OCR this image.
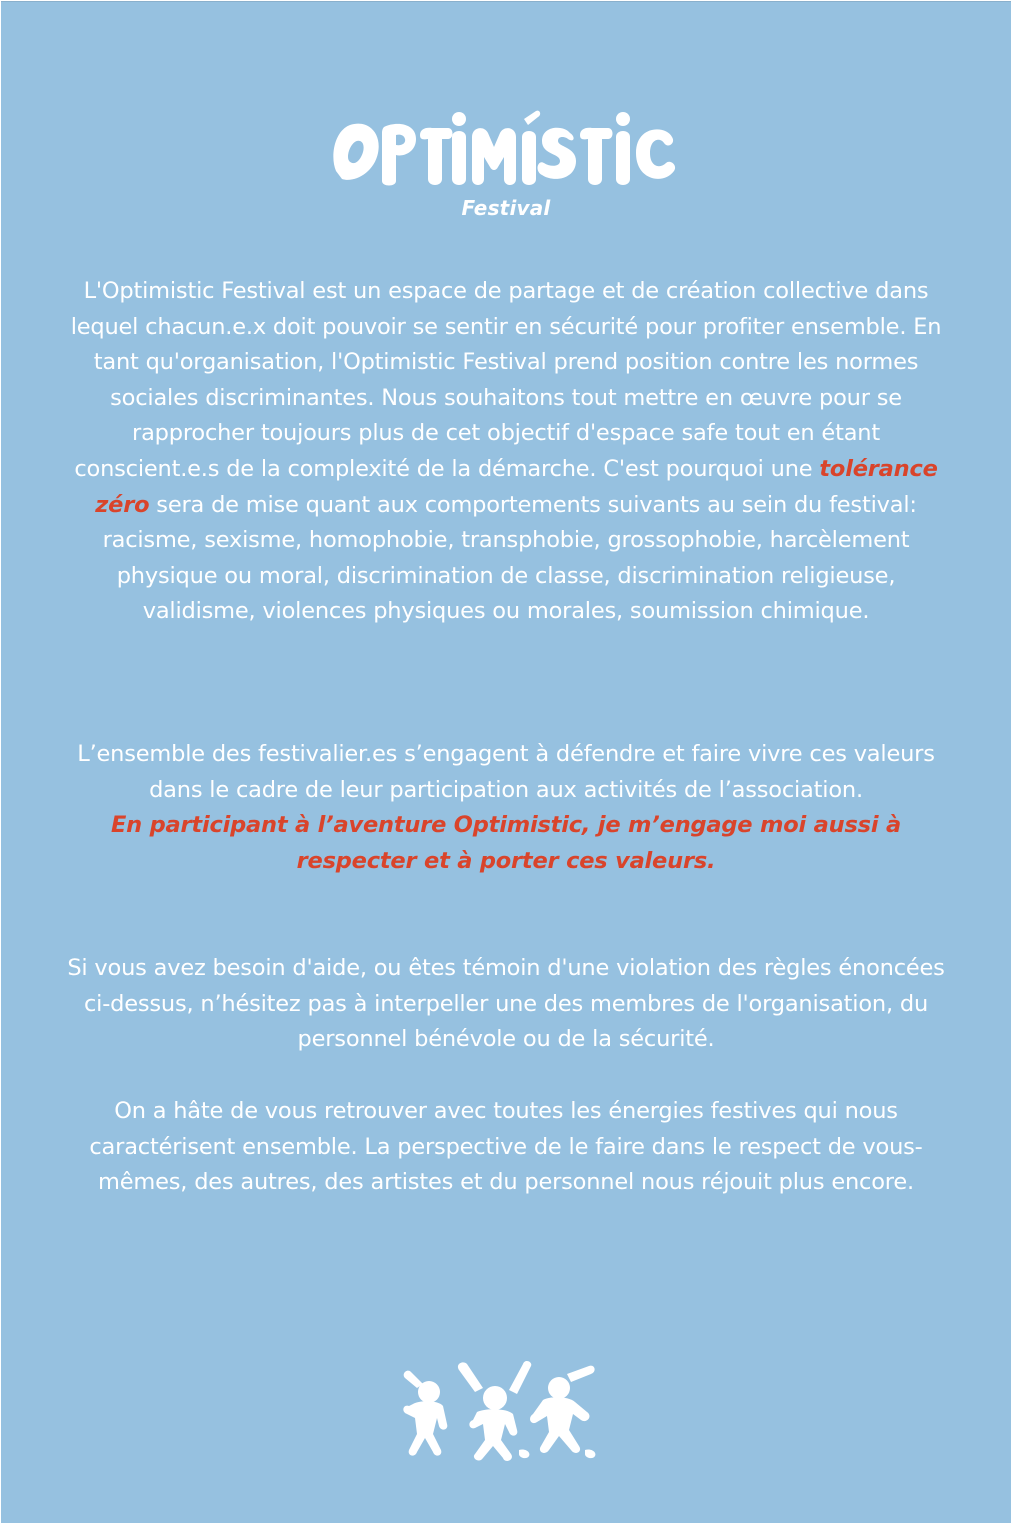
Festival

L'Optimistic Festival est un espace de partage et de création collective dans lequel chacun.e.x doit pouvoir se sentir en sécurité pour profiter ensemble. En tant qu'organisation, l'Optimistic Festival prend position contre les normes sociales discriminantes. Nous souhaitons tout mettre en œuvre pour se rapprocher toujours plus de cet objectif d'espace safe tout en étant conscient.e.s de la complexité de la démarche. C'est pourquoi une tolérance zéro sera de mise quant aux comportements suivants au sein du festival: racisme, sexisme, homophobie, transphobie, grossophobie, harcèlement physique ou moral, discrimination de classe, discrimination religieuse, validisme, violences physiques ou morales, soumission chimique.

L’ensemble des festivalier.es s’engagent à défendre et faire vivre ces valeurs dans le cadre de leur participation aux activités de l’association.
En participant à l’aventure Optimistic, je m’engage moi aussi à respecter et à porter ces valeurs.

Si vous avez besoin d'aide, ou êtes témoin d'une violation des règles énoncées ci-dessus, n’hésitez pas à interpeller une des membres de l'organisation, du personnel bénévole ou de la sécurité.

On a hâte de vous retrouver avec toutes les énergies festives qui nous caractérisent ensemble. La perspective de le faire dans le respect de vous-mêmes, des autres, des artistes et du personnel nous réjouit plus encore.
